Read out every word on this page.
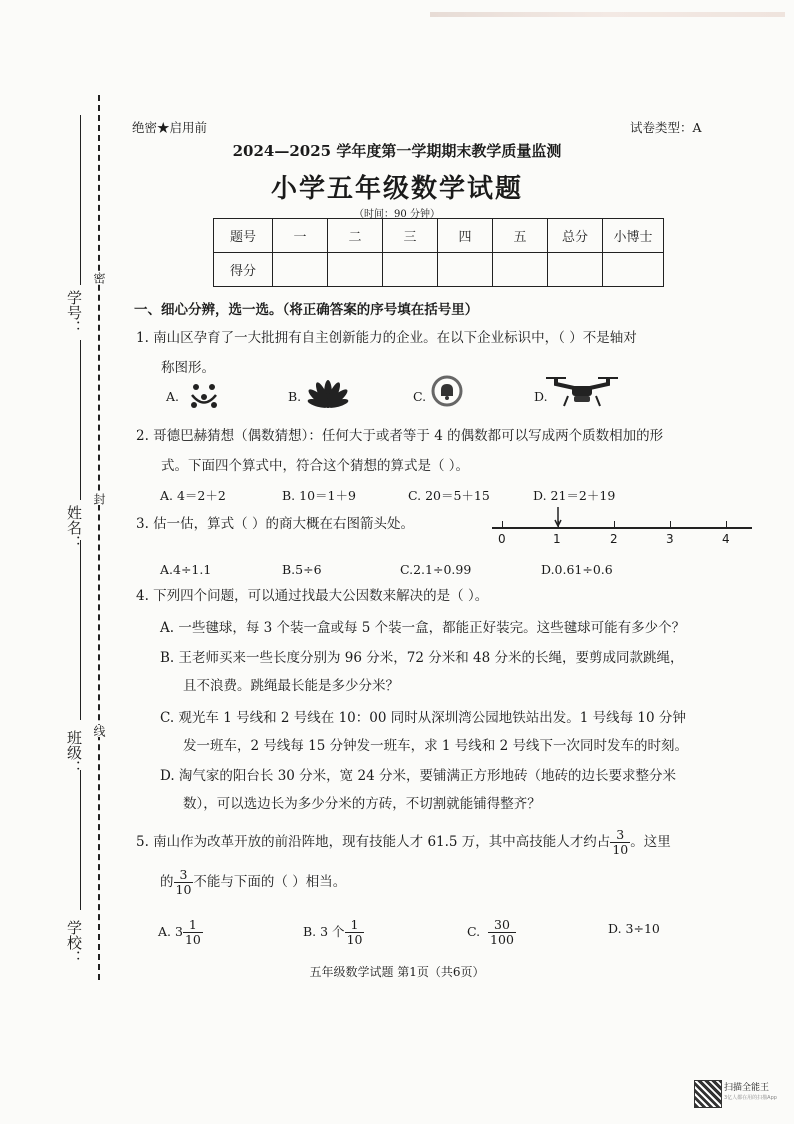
学号：
姓名：
班级：
学校：
密
封
线
绝密★启用前	试卷类型：A
2024—2025 学年度第一学期期末教学质量监测
小学五年级数学试题
（时间：90 分钟）
题号	一	二	三	四	五	总分	小博士
得分							
一、细心分辨，选一选。（将正确答案的序号填在括号里）
1. 南山区孕育了一大批拥有自主创新能力的企业。在以下企业标识中，（ ）不是轴对
称图形。
A.	B.	C.	D.
2. 哥德巴赫猜想（偶数猜想）：任何大于或者等于 4 的偶数都可以写成两个质数相加的形
式。下面四个算式中，符合这个猜想的算式是（ ）。
A. 4＝2＋2	B. 10＝1＋9	C. 20＝5＋15	D. 21＝2＋19
3. 估一估，算式（ ）的商大概在右图箭头处。
0	1	2	3	4
A.4÷1.1	B.5÷6	C.2.1÷0.99	D.0.61÷0.6
4. 下列四个问题，可以通过找最大公因数来解决的是（ ）。
A. 一些毽球，每 3 个装一盒或每 5 个装一盒，都能正好装完。这些毽球可能有多少个？
B. 王老师买来一些长度分别为 96 分米，72 分米和 48 分米的长绳，要剪成同款跳绳，
且不浪费。跳绳最长能是多少分米？
C. 观光车 1 号线和 2 号线在 10：00 同时从深圳湾公园地铁站出发。1 号线每 10 分钟
发一班车，2 号线每 15 分钟发一班车，求 1 号线和 2 号线下一次同时发车的时刻。
D. 淘气家的阳台长 30 分米，宽 24 分米，要铺满正方形地砖（地砖的边长要求整分米
数），可以选边长为多少分米的方砖，不切割就能铺得整齐？
5. 南山作为改革开放的前沿阵地，现有技能人才 61.5 万，其中高技能人才约占 $\frac{3}{10}$ 。这里
的 $\frac{3}{10}$ 不能与下面的（ ）相当。
A. $3 \frac{1}{10}$	B. 3 个 $\frac{1}{10}$	C. $\frac{30}{100}$	D. 3÷10
五年级数学试题 第1页（共6页）
扫描全能王
3亿人都在用的扫描App
